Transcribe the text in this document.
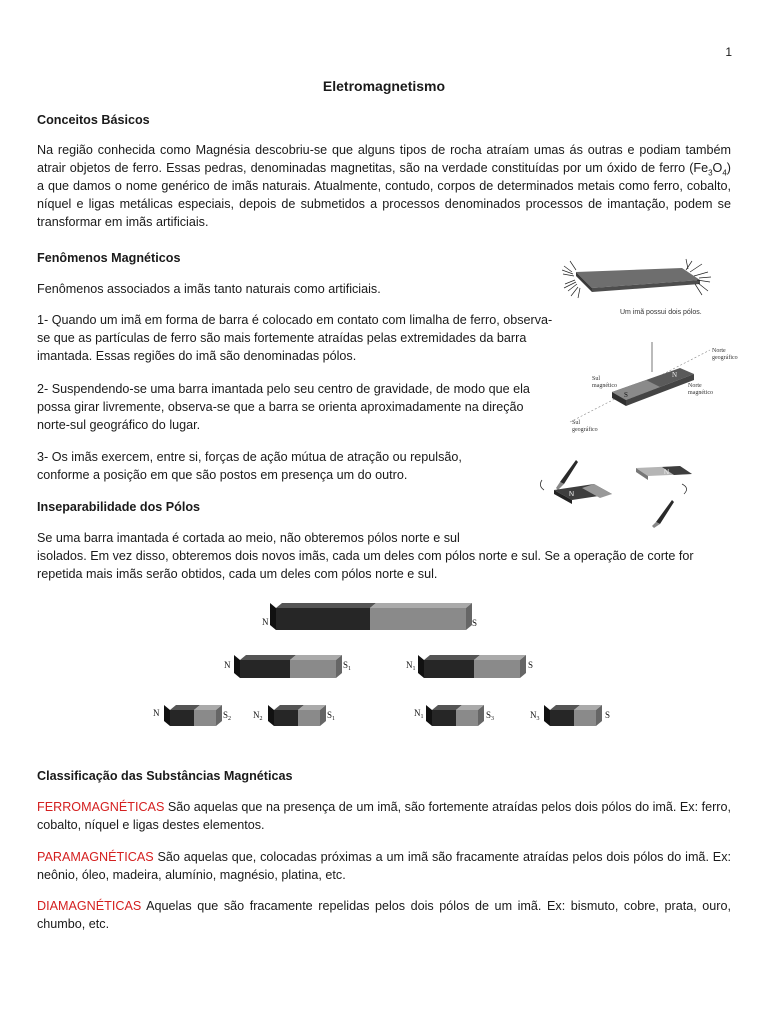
1
Eletromagnetismo
Conceitos Básicos
Na região conhecida como Magnésia descobriu-se que alguns tipos de rocha atraíam umas ás outras e podiam também atrair objetos de ferro. Essas pedras, denominadas magnetitas, são na verdade constituídas por um óxido de ferro $(Fe_3O_4)$ a que damos o nome genérico de imãs naturais. Atualmente, contudo, corpos de determinados metais como ferro, cobalto, níquel e ligas metálicas especiais, depois de submetidos a processos denominados processos de imantação, podem se transformar em imãs artificiais.
Fenômenos Magnéticos
Fenômenos associados a imãs tanto naturais como artificiais.
1- Quando um imã em forma de barra é colocado em contato com limalha de ferro, observa-se que as partículas de ferro são mais fortemente atraídas pelas extremidades da barra imantada. Essas regiões do imã são denominadas pólos.
2- Suspendendo-se uma barra imantada pelo seu centro de gravidade, de modo que ela possa girar livremente, observa-se que a barra se orienta aproximadamente na direção norte-sul geográfico do lugar.
3- Os imãs exercem, entre si, forças de ação mútua de atração ou repulsão, conforme a posição em que são postos em presença um do outro.
Um imã possui dois pólos.
S
N
Norte
geográfico
Sul
magnético	Norte
magnético
Sul
geográfico
N
N
Inseparabilidade dos Pólos
Se uma barra imantada é cortada ao meio, não obteremos pólos norte e sul
isolados. Em vez disso, obteremos dois novos imãs, cada um deles com pólos norte e sul. Se a operação de corte for repetida mais imãs serão obtidos, cada um deles com pólos norte e sul.
N	S
N	$S_1$	$N_1$	S
N	$S_2$ $N_2$	$S_1$
$N_1$	$S_3$	$N_3$	S
Classificação das Substâncias Magnéticas
FERROMAGNÉTICAS São aquelas que na presença de um imã, são fortemente atraídas pelos dois pólos do imã. Ex: ferro, cobalto, níquel e ligas destes elementos.
PARAMAGNÉTICAS São aquelas que, colocadas próximas a um imã são fracamente atraídas pelos dois pólos do imã. Ex: neônio, óleo, madeira, alumínio, magnésio, platina, etc.
DIAMAGNÉTICAS Aquelas que são fracamente repelidas pelos dois pólos de um imã. Ex: bismuto, cobre, prata, ouro, chumbo, etc.
